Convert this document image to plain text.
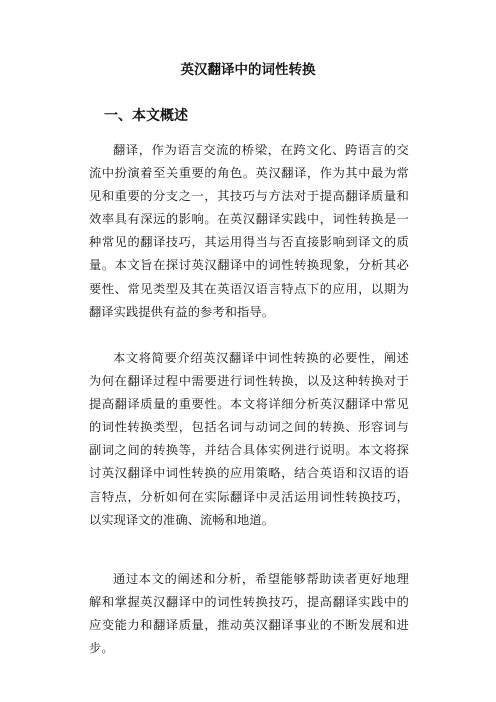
英汉翻译中的词性转换
一、本文概述

翻译，作为语言交流的桥梁，在跨文化、跨语言的交流中扮演着至关重要的角色。英汉翻译，作为其中最为常见和重要的分支之一，其技巧与方法对于提高翻译质量和效率具有深远的影响。在英汉翻译实践中，词性转换是一种常见的翻译技巧，其运用得当与否直接影响到译文的质量。本文旨在探讨英汉翻译中的词性转换现象，分析其必要性、常见类型及其在英语汉语言特点下的应用，以期为翻译实践提供有益的参考和指导。

本文将简要介绍英汉翻译中词性转换的必要性，阐述为何在翻译过程中需要进行词性转换，以及这种转换对于提高翻译质量的重要性。本文将详细分析英汉翻译中常见的词性转换类型，包括名词与动词之间的转换、形容词与副词之间的转换等，并结合具体实例进行说明。本文将探讨英汉翻译中词性转换的应用策略，结合英语和汉语的语言特点，分析如何在实际翻译中灵活运用词性转换技巧，以实现译文的准确、流畅和地道。

通过本文的阐述和分析，希望能够帮助读者更好地理解和掌握英汉翻译中的词性转换技巧，提高翻译实践中的应变能力和翻译质量，推动英汉翻译事业的不断发展和进步。
